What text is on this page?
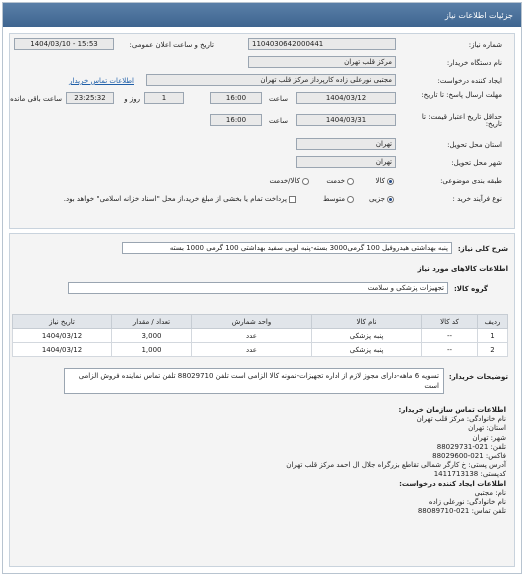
جزئیات اطلاعات نیاز
شماره نیاز:
1104030642000441
تاریخ و ساعت اعلان عمومی:
1404/03/10 - 15:53
نام دستگاه خریدار:
مرکز قلب تهران
ایجاد کننده درخواست:
مجتبی نورعلی زاده کارپرداز مرکز قلب تهران
اطلاعات تماس خریدار
مهلت ارسال پاسخ: تا تاریخ:
1404/03/12
ساعت
16:00
1
روز و
23:25:32
ساعت باقی مانده
حداقل تاریخ اعتبار قیمت: تا تاریخ:
1404/03/31
ساعت
16:00
استان محل تحویل:
تهران
شهر محل تحویل:
تهران
طبقه بندی موضوعی:
کالا
خدمت
کالا/خدمت
نوع فرآیند خرید :
جزیی
متوسط
پرداخت تمام یا بخشی از مبلغ خرید،از محل "اسناد خزانه اسلامی" خواهد بود.
شرح کلی نیاز:
پنبه بهداشتی هیدروفیل 100 گرمی3000 بسته-پنبه لوپی سفید بهداشتی 100 گرمی 1000 بسته
اطلاعات کالاهای مورد نیاز
گروه کالا:
تجهیزات پزشکی و سلامت
ردیف	کد کالا	نام کالا	واحد شمارش	تعداد / مقدار	تاریخ نیاز
1	--	پنبه پزشکی	عدد	3,000	1404/03/12
2	--	پنبه پزشکی	عدد	1,000	1404/03/12
توضیحات خریدار:
تسویه 6 ماهه-دارای مجوز لازم از اداره تجهیزات-نمونه کالا الزامی است تلفن 88029710 تلفن تماس نماینده فروش الزامی است
اطلاعات تماس سازمان خریدار:
نام خانوادگی: مرکز قلب تهران
استان: تهران
شهر: تهران
تلفن: 021-88029731
فاکس: 021-88029600
آدرس پستی: خ کارگر شمالی تقاطع بزرگراه جلال ال احمد مرکز قلب تهران
کدپستی: 1411713138
اطلاعات ایجاد کننده درخواست:
نام: مجتبی
نام خانوادگی: نورعلی زاده
تلفن تماس: 021-88089710
